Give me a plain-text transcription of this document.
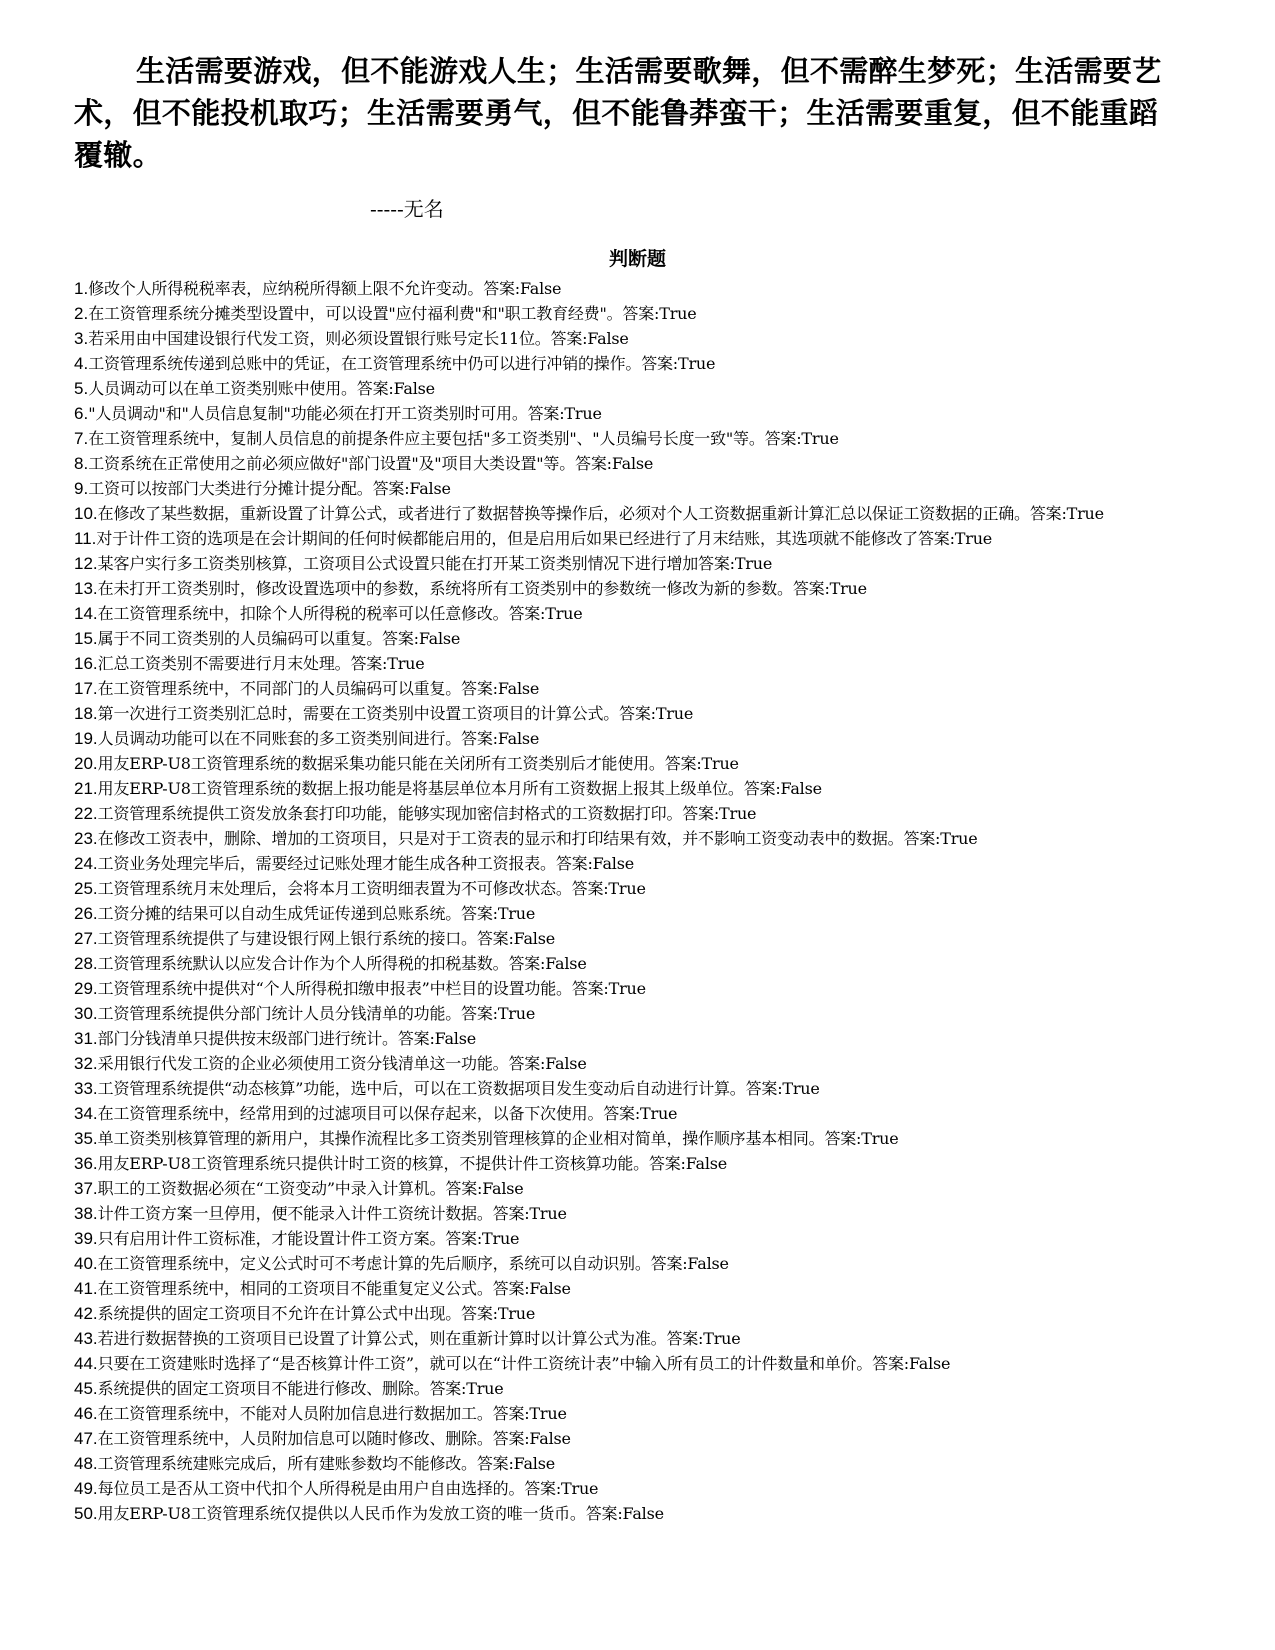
生活需要游戏，但不能游戏人生；生活需要歌舞，但不需醉生梦死；生活需要艺术，但不能投机取巧；生活需要勇气，但不能鲁莽蛮干；生活需要重复，但不能重蹈覆辙。
-----无名
判断题
1.修改个人所得税税率表，应纳税所得额上限不允许变动。答案:False
2.在工资管理系统分摊类型设置中，可以设置"应付福利费"和"职工教育经费"。答案:True
3.若采用由中国建设银行代发工资，则必须设置银行账号定长11位。答案:False
4.工资管理系统传递到总账中的凭证，在工资管理系统中仍可以进行冲销的操作。答案:True
5.人员调动可以在单工资类别账中使用。答案:False
6."人员调动"和"人员信息复制"功能必须在打开工资类别时可用。答案:True
7.在工资管理系统中，复制人员信息的前提条件应主要包括"多工资类别"、"人员编号长度一致"等。答案:True
8.工资系统在正常使用之前必须应做好"部门设置"及"项目大类设置"等。答案:False
9.工资可以按部门大类进行分摊计提分配。答案:False
10.在修改了某些数据，重新设置了计算公式，或者进行了数据替换等操作后，必须对个人工资数据重新计算汇总以保证工资数据的正确。答案:True
11.对于计件工资的选项是在会计期间的任何时候都能启用的，但是启用后如果已经进行了月末结账，其选项就不能修改了答案:True
12.某客户实行多工资类别核算，工资项目公式设置只能在打开某工资类别情况下进行增加答案:True
13.在未打开工资类别时，修改设置选项中的参数，系统将所有工资类别中的参数统一修改为新的参数。答案:True
14.在工资管理系统中，扣除个人所得税的税率可以任意修改。答案:True
15.属于不同工资类别的人员编码可以重复。答案:False
16.汇总工资类别不需要进行月末处理。答案:True
17.在工资管理系统中，不同部门的人员编码可以重复。答案:False
18.第一次进行工资类别汇总时，需要在工资类别中设置工资项目的计算公式。答案:True
19.人员调动功能可以在不同账套的多工资类别间进行。答案:False
20.用友ERP-U8工资管理系统的数据采集功能只能在关闭所有工资类别后才能使用。答案:True
21.用友ERP-U8工资管理系统的数据上报功能是将基层单位本月所有工资数据上报其上级单位。答案:False
22.工资管理系统提供工资发放条套打印功能，能够实现加密信封格式的工资数据打印。答案:True
23.在修改工资表中，删除、增加的工资项目，只是对于工资表的显示和打印结果有效，并不影响工资变动表中的数据。答案:True
24.工资业务处理完毕后，需要经过记账处理才能生成各种工资报表。答案:False
25.工资管理系统月末处理后，会将本月工资明细表置为不可修改状态。答案:True
26.工资分摊的结果可以自动生成凭证传递到总账系统。答案:True
27.工资管理系统提供了与建设银行网上银行系统的接口。答案:False
28.工资管理系统默认以应发合计作为个人所得税的扣税基数。答案:False
29.工资管理系统中提供对“个人所得税扣缴申报表”中栏目的设置功能。答案:True
30.工资管理系统提供分部门统计人员分钱清单的功能。答案:True
31.部门分钱清单只提供按末级部门进行统计。答案:False
32.采用银行代发工资的企业必须使用工资分钱清单这一功能。答案:False
33.工资管理系统提供“动态核算”功能，选中后，可以在工资数据项目发生变动后自动进行计算。答案:True
34.在工资管理系统中，经常用到的过滤项目可以保存起来，以备下次使用。答案:True
35.单工资类别核算管理的新用户，其操作流程比多工资类别管理核算的企业相对简单，操作顺序基本相同。答案:True
36.用友ERP-U8工资管理系统只提供计时工资的核算，不提供计件工资核算功能。答案:False
37.职工的工资数据必须在“工资变动”中录入计算机。答案:False
38.计件工资方案一旦停用，便不能录入计件工资统计数据。答案:True
39.只有启用计件工资标准，才能设置计件工资方案。答案:True
40.在工资管理系统中，定义公式时可不考虑计算的先后顺序，系统可以自动识别。答案:False
41.在工资管理系统中，相同的工资项目不能重复定义公式。答案:False
42.系统提供的固定工资项目不允许在计算公式中出现。答案:True
43.若进行数据替换的工资项目已设置了计算公式，则在重新计算时以计算公式为准。答案:True
44.只要在工资建账时选择了“是否核算计件工资”，就可以在“计件工资统计表”中输入所有员工的计件数量和单价。答案:False
45.系统提供的固定工资项目不能进行修改、删除。答案:True
46.在工资管理系统中，不能对人员附加信息进行数据加工。答案:True
47.在工资管理系统中，人员附加信息可以随时修改、删除。答案:False
48.工资管理系统建账完成后，所有建账参数均不能修改。答案:False
49.每位员工是否从工资中代扣个人所得税是由用户自由选择的。答案:True
50.用友ERP-U8工资管理系统仅提供以人民币作为发放工资的唯一货币。答案:False
